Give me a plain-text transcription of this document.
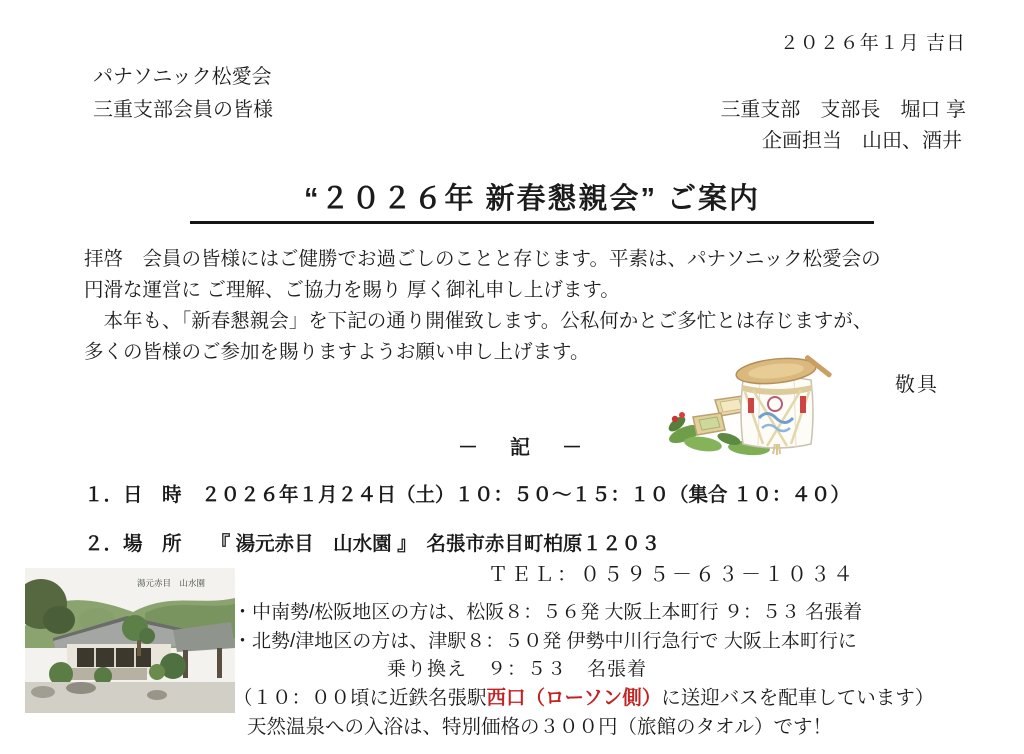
２０２６年１月 吉日
パナソニック松愛会
三重支部会員の皆様	三重支部　支部長　堀口 享
企画担当　山田、酒井
“２０２６年 新春懇親会” ご案内
拝啓　会員の皆様にはご健勝でお過ごしのことと存じます。平素は、パナソニック松愛会の
円滑な運営に ご理解、ご協力を賜り 厚く御礼申し上げます。
　本年も、「新春懇親会」を下記の通り開催致します。公私何かとご多忙とは存じますが、
多くの皆様のご参加を賜りますようお願い申し上げます。
敬具
－　記　－
１．日　時　２０２６年１月２４日（土）１０：５０～１５：１０（集合 １０：４０）
２．場　所　　『 湯元赤目　山水園 』　名張市赤目町柏原１２０３
ＴＥＬ：０５９５－６３－１０３４
湯元赤目　山水園
・中南勢/松阪地区の方は、松阪８：５６発 大阪上本町行 ９：５３ 名張着
・北勢/津地区の方は、津駅８：５０発 伊勢中川行急行で 大阪上本町行に
乗り換え　９：５３　名張着
（１０：００頃に近鉄名張駅西口（ローソン側）に送迎バスを配車しています）
天然温泉への入浴は、特別価格の３００円（旅館のタオル）です！
